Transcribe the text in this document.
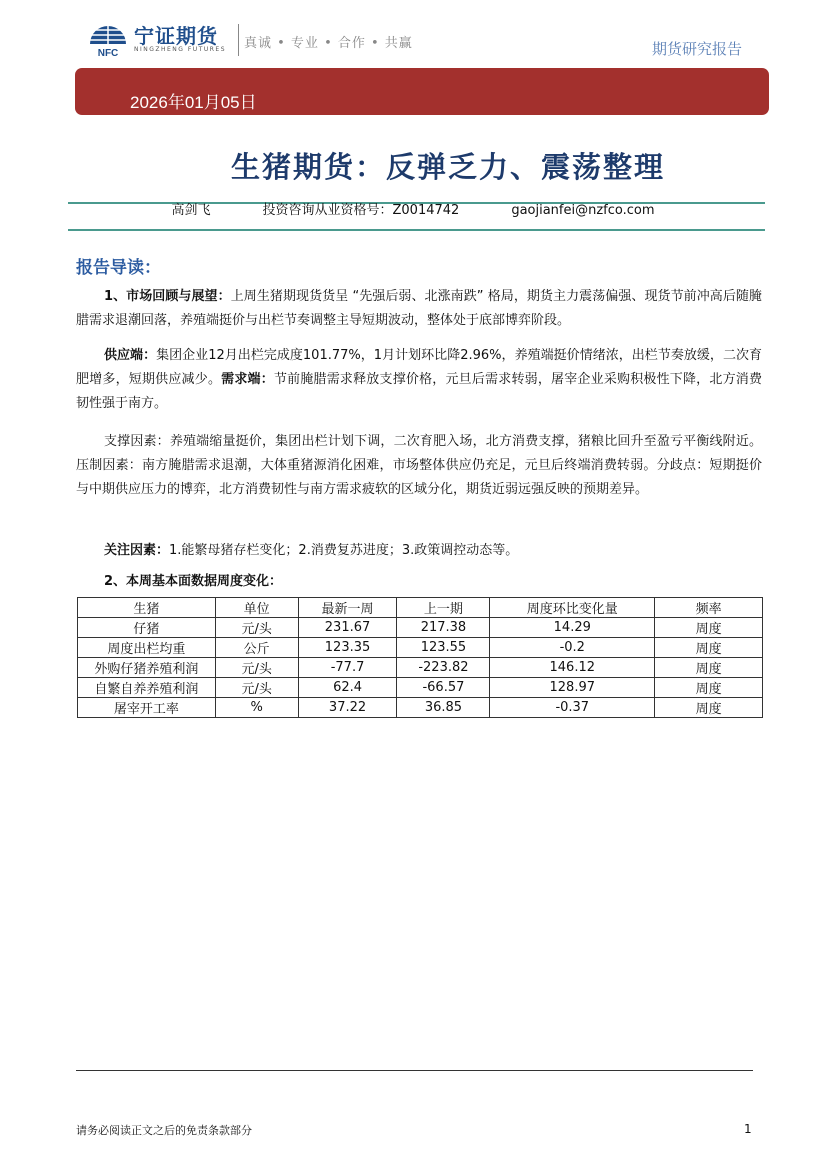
NFC
宁证期货
NINGZHENG FUTURES 真诚 • 专业 • 合作 • 共赢	期货研究报告
2026年01月05日
生猪期货：反弹乏力、震荡整理
高剑飞	投资咨询从业资格号：Z0014742	gaojianfei@nzfco.com
报告导读：
1、市场回顾与展望：上周生猪期现货货呈 “先强后弱、北涨南跌” 格局，期货主力震荡偏强、现货节前冲高后随腌腊需求退潮回落，养殖端挺价与出栏节奏调整主导短期波动，整体处于底部博弈阶段。
供应端：集团企业12月出栏完成度101.77%，1月计划环比降2.96%，养殖端挺价情绪浓，出栏节奏放缓，二次育肥增多，短期供应减少。需求端：节前腌腊需求释放支撑价格，元旦后需求转弱，屠宰企业采购积极性下降，北方消费韧性强于南方。
支撑因素：养殖端缩量挺价，集团出栏计划下调，二次育肥入场，北方消费支撑，猪粮比回升至盈亏平衡线附近。压制因素：南方腌腊需求退潮，大体重猪源消化困难，市场整体供应仍充足，元旦后终端消费转弱。分歧点：短期挺价与中期供应压力的博弈，北方消费韧性与南方需求疲软的区域分化，期货近弱远强反映的预期差异。
关注因素：1.能繁母猪存栏变化；2.消费复苏进度；3.政策调控动态等。
2、本周基本面数据周度变化：
生猪	单位	最新一周	上一期	周度环比变化量	频率
仔猪	元/头	231.67	217.38	14.29	周度
周度出栏均重	公斤	123.35	123.55	-0.2	周度
外购仔猪养殖利润	元/头	-77.7	-223.82	146.12	周度
自繁自养养殖利润	元/头	62.4	-66.57	128.97	周度
屠宰开工率	%	37.22	36.85	-0.37	周度
请务必阅读正文之后的免责条款部分	1
